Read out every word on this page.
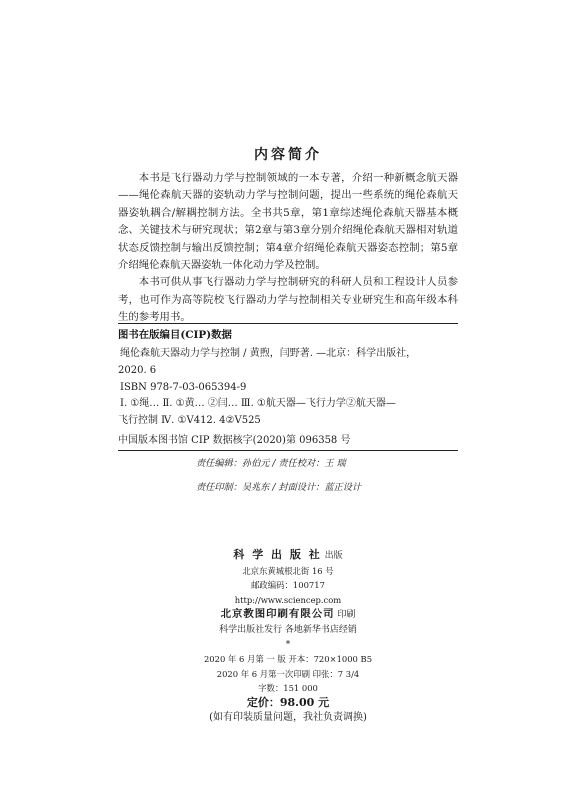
内容简介

本书是飞行器动力学与控制领域的一本专著，介绍一种新概念航天器——绳伦森航天器的姿轨动力学与控制问题，提出一些系统的绳伦森航天器姿轨耦合/解耦控制方法。全书共5章，第1章综述绳伦森航天器基本概念、关键技术与研究现状；第2章与第3章分别介绍绳伦森航天器相对轨道状态反馈控制与输出反馈控制；第4章介绍绳伦森航天器姿态控制；第5章介绍绳伦森航天器姿轨一体化动力学及控制。

本书可供从事飞行器动力学与控制研究的科研人员和工程设计人员参考，也可作为高等院校飞行器动力学与控制相关专业研究生和高年级本科生的参考用书。

图书在版编目(CIP)数据
绳伦森航天器动力学与控制 / 黄煦，闫野著. —北京：科学出版社，
2020. 6
ISBN 978-7-03-065394-9
Ⅰ. ①绳… Ⅱ. ①黄… ②闫… Ⅲ. ①航天器—飞行力学②航天器—
飞行控制 Ⅳ. ①V412. 4②V525
中国版本图书馆 CIP 数据核字(2020)第 096358 号
责任编辑：孙伯元 / 责任校对：王 瑞
责任印制：吴兆东 / 封面设计：蓝正设计
科 学 出 版 社 出版
北京东黄城根北街 16 号
邮政编码：100717
http://www.sciencep.com
北京教图印刷有限公司 印刷
科学出版社发行 各地新华书店经销
*
2020 年 6 月第 一 版 开本：720×1000 B5
2020 年 6 月第一次印刷 印张：7 3/4
字数：151 000
定价：98.00 元
(如有印装质量问题，我社负责调换)
